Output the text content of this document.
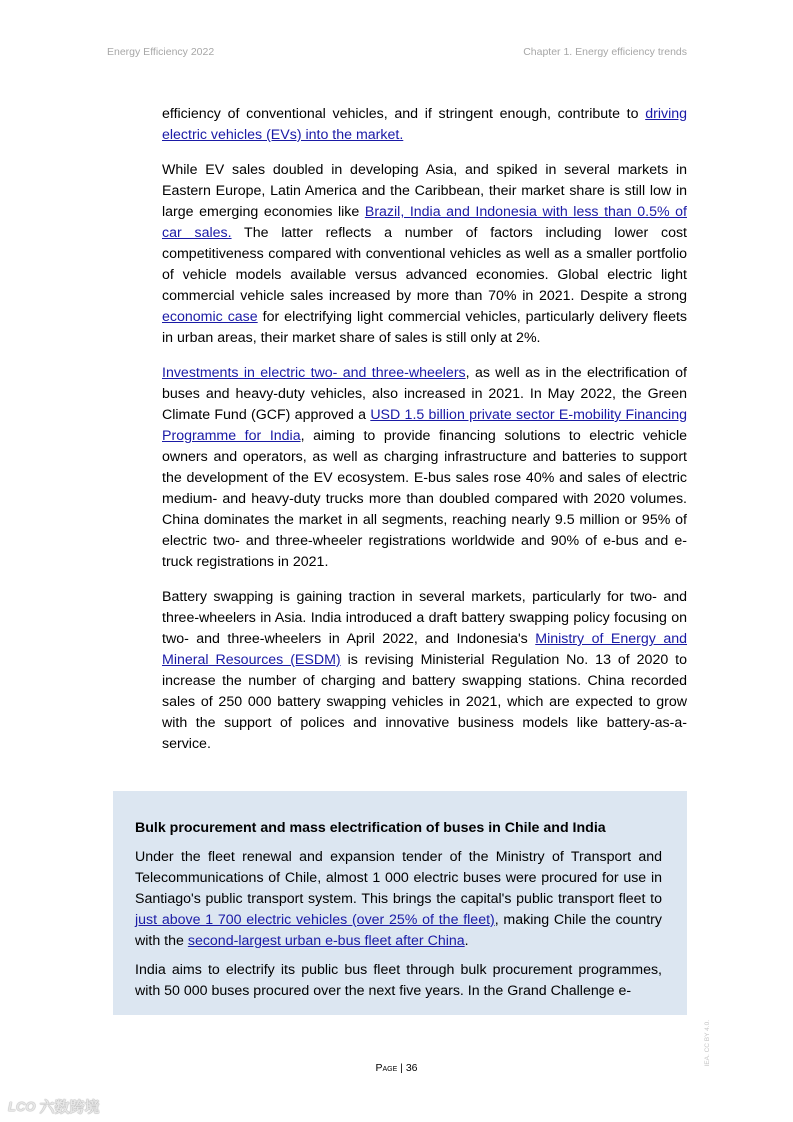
Energy Efficiency 2022	Chapter 1. Energy efficiency trends

efficiency of conventional vehicles, and if stringent enough, contribute to driving electric vehicles (EVs) into the market.

While EV sales doubled in developing Asia, and spiked in several markets in Eastern Europe, Latin America and the Caribbean, their market share is still low in large emerging economies like Brazil, India and Indonesia with less than 0.5% of car sales. The latter reflects a number of factors including lower cost competitiveness compared with conventional vehicles as well as a smaller portfolio of vehicle models available versus advanced economies. Global electric light commercial vehicle sales increased by more than 70% in 2021. Despite a strong economic case for electrifying light commercial vehicles, particularly delivery fleets in urban areas, their market share of sales is still only at 2%.

Investments in electric two- and three-wheelers, as well as in the electrification of buses and heavy-duty vehicles, also increased in 2021. In May 2022, the Green Climate Fund (GCF) approved a USD 1.5 billion private sector E-mobility Financing Programme for India, aiming to provide financing solutions to electric vehicle owners and operators, as well as charging infrastructure and batteries to support the development of the EV ecosystem. E-bus sales rose 40% and sales of electric medium- and heavy-duty trucks more than doubled compared with 2020 volumes. China dominates the market in all segments, reaching nearly 9.5 million or 95% of electric two- and three-wheeler registrations worldwide and 90% of e-bus and e-truck registrations in 2021.

Battery swapping is gaining traction in several markets, particularly for two- and three-wheelers in Asia. India introduced a draft battery swapping policy focusing on two- and three-wheelers in April 2022, and Indonesia's Ministry of Energy and Mineral Resources (ESDM) is revising Ministerial Regulation No. 13 of 2020 to increase the number of charging and battery swapping stations. China recorded sales of 250 000 battery swapping vehicles in 2021, which are expected to grow with the support of polices and innovative business models like battery-as-a-service.

Bulk procurement and mass electrification of buses in Chile and India

Under the fleet renewal and expansion tender of the Ministry of Transport and Telecommunications of Chile, almost 1 000 electric buses were procured for use in Santiago's public transport system. This brings the capital's public transport fleet to just above 1 700 electric vehicles (over 25% of the fleet), making Chile the country with the second-largest urban e-bus fleet after China.

India aims to electrify its public bus fleet through bulk procurement programmes, with 50 000 buses procured over the next five years. In the Grand Challenge e-

Page | 36
IEA. CC BY 4.0.
LCO 六数跨境
